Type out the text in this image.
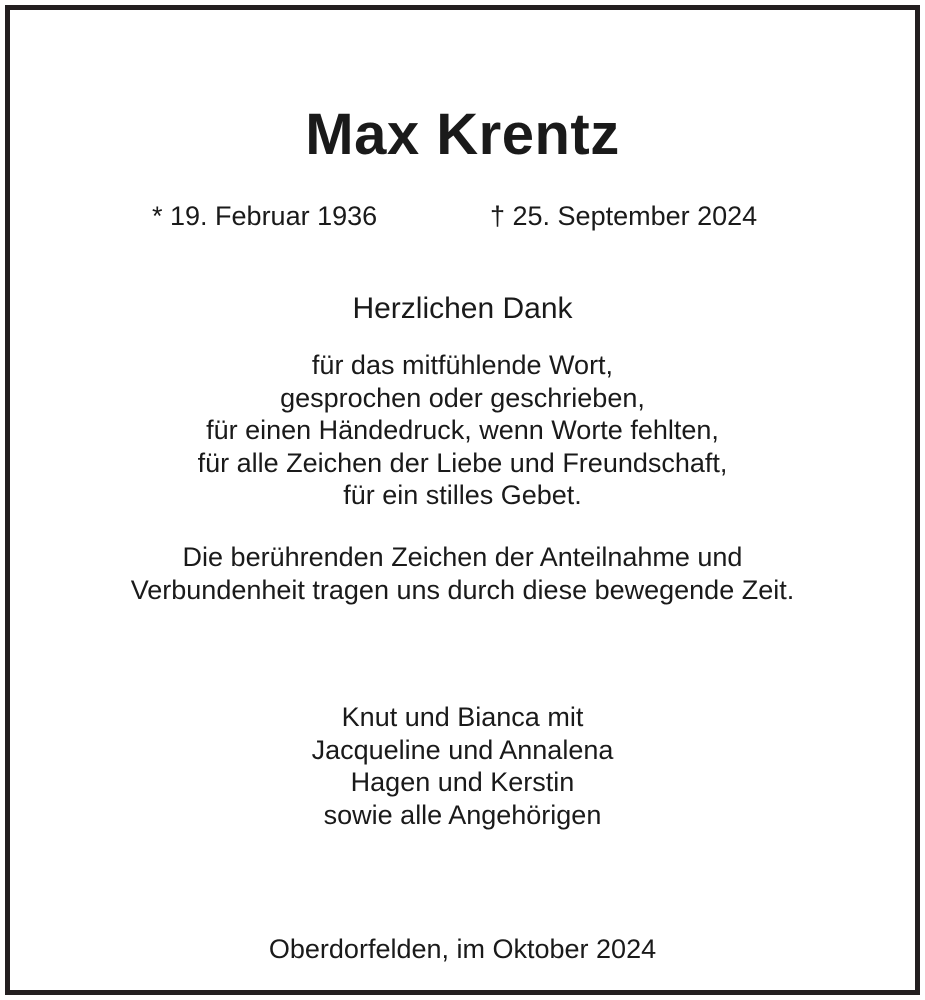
Max Krentz

* 19. Februar 1936	† 25. September 2024

Herzlichen Dank

für das mitfühlende Wort,
gesprochen oder geschrieben,
für einen Händedruck, wenn Worte fehlten,
für alle Zeichen der Liebe und Freundschaft,
für ein stilles Gebet.
Die berührenden Zeichen der Anteilnahme und
Verbundenheit tragen uns durch diese bewegende Zeit.
Knut und Bianca mit
Jacqueline und Annalena
Hagen und Kerstin
sowie alle Angehörigen

Oberdorfelden, im Oktober 2024
